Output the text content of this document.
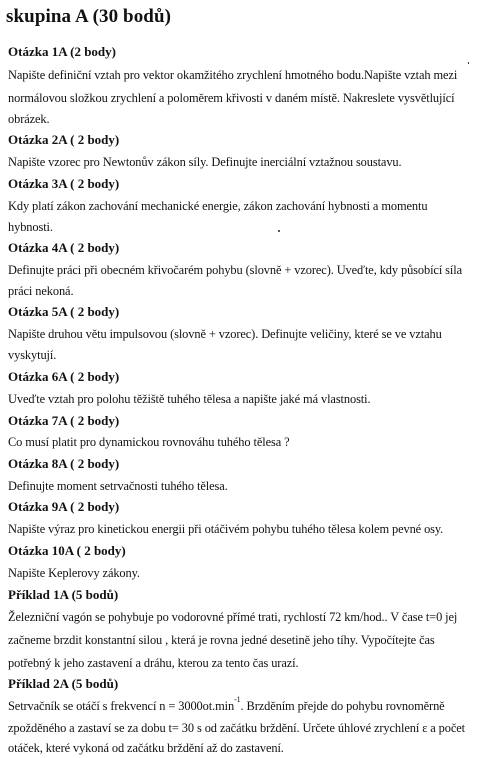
skupina A (30 bodů)
Otázka 1A (2 body)
Napište definiční vztah pro vektor okamžitého zrychlení hmotného bodu.Napište vztah mezi
normálovou složkou zrychlení a poloměrem křivosti v daném místě. Nakreslete vysvětlující
obrázek.
Otázka 2A ( 2 body)
Napište vzorec pro Newtonův zákon síly. Definujte inerciální vztažnou soustavu.
Otázka 3A ( 2 body)
Kdy platí zákon zachování mechanické energie, zákon zachování hybnosti a momentu
hybnosti.
Otázka 4A ( 2 body)
Definujte práci při obecném křivočarém pohybu (slovně + vzorec). Uveďte, kdy působící síla
práci nekoná.
Otázka 5A ( 2 body)
Napište druhou větu impulsovou (slovně + vzorec). Definujte veličiny, které se ve vztahu
vyskytují.
Otázka 6A ( 2 body)
Uveďte vztah pro polohu těžiště tuhého tělesa a napište jaké má vlastnosti.
Otázka 7A ( 2 body)
Co musí platit pro dynamickou rovnováhu tuhého tělesa ?
Otázka 8A ( 2 body)
Definujte moment setrvačnosti tuhého tělesa.
Otázka 9A ( 2 body)
Napište výraz pro kinetickou energii při otáčivém pohybu tuhého tělesa kolem pevné osy.
Otázka 10A ( 2 body)
Napište Keplerovy zákony.
Příklad 1A (5 bodů)
Železniční vagón se pohybuje po vodorovné přímé trati, rychlostí 72 km/hod.. V čase t=0 jej
začneme brzdit konstantní silou , která je rovna jedné desetině jeho tíhy. Vypočítejte čas
potřebný k jeho zastavení a dráhu, kterou za tento čas urazí.
Příklad 2A (5 bodů)
Setrvačník se otáčí s frekvencí $n = 3000ot.\min^{-1}$. Brzděním přejde do pohybu rovnoměrně
zpožděného a zastaví se za dobu t= 30 s od začátku brždění. Určete úhlové zrychlení ε a počet
otáček, které vykoná od začátku brždění až do zastavení.
